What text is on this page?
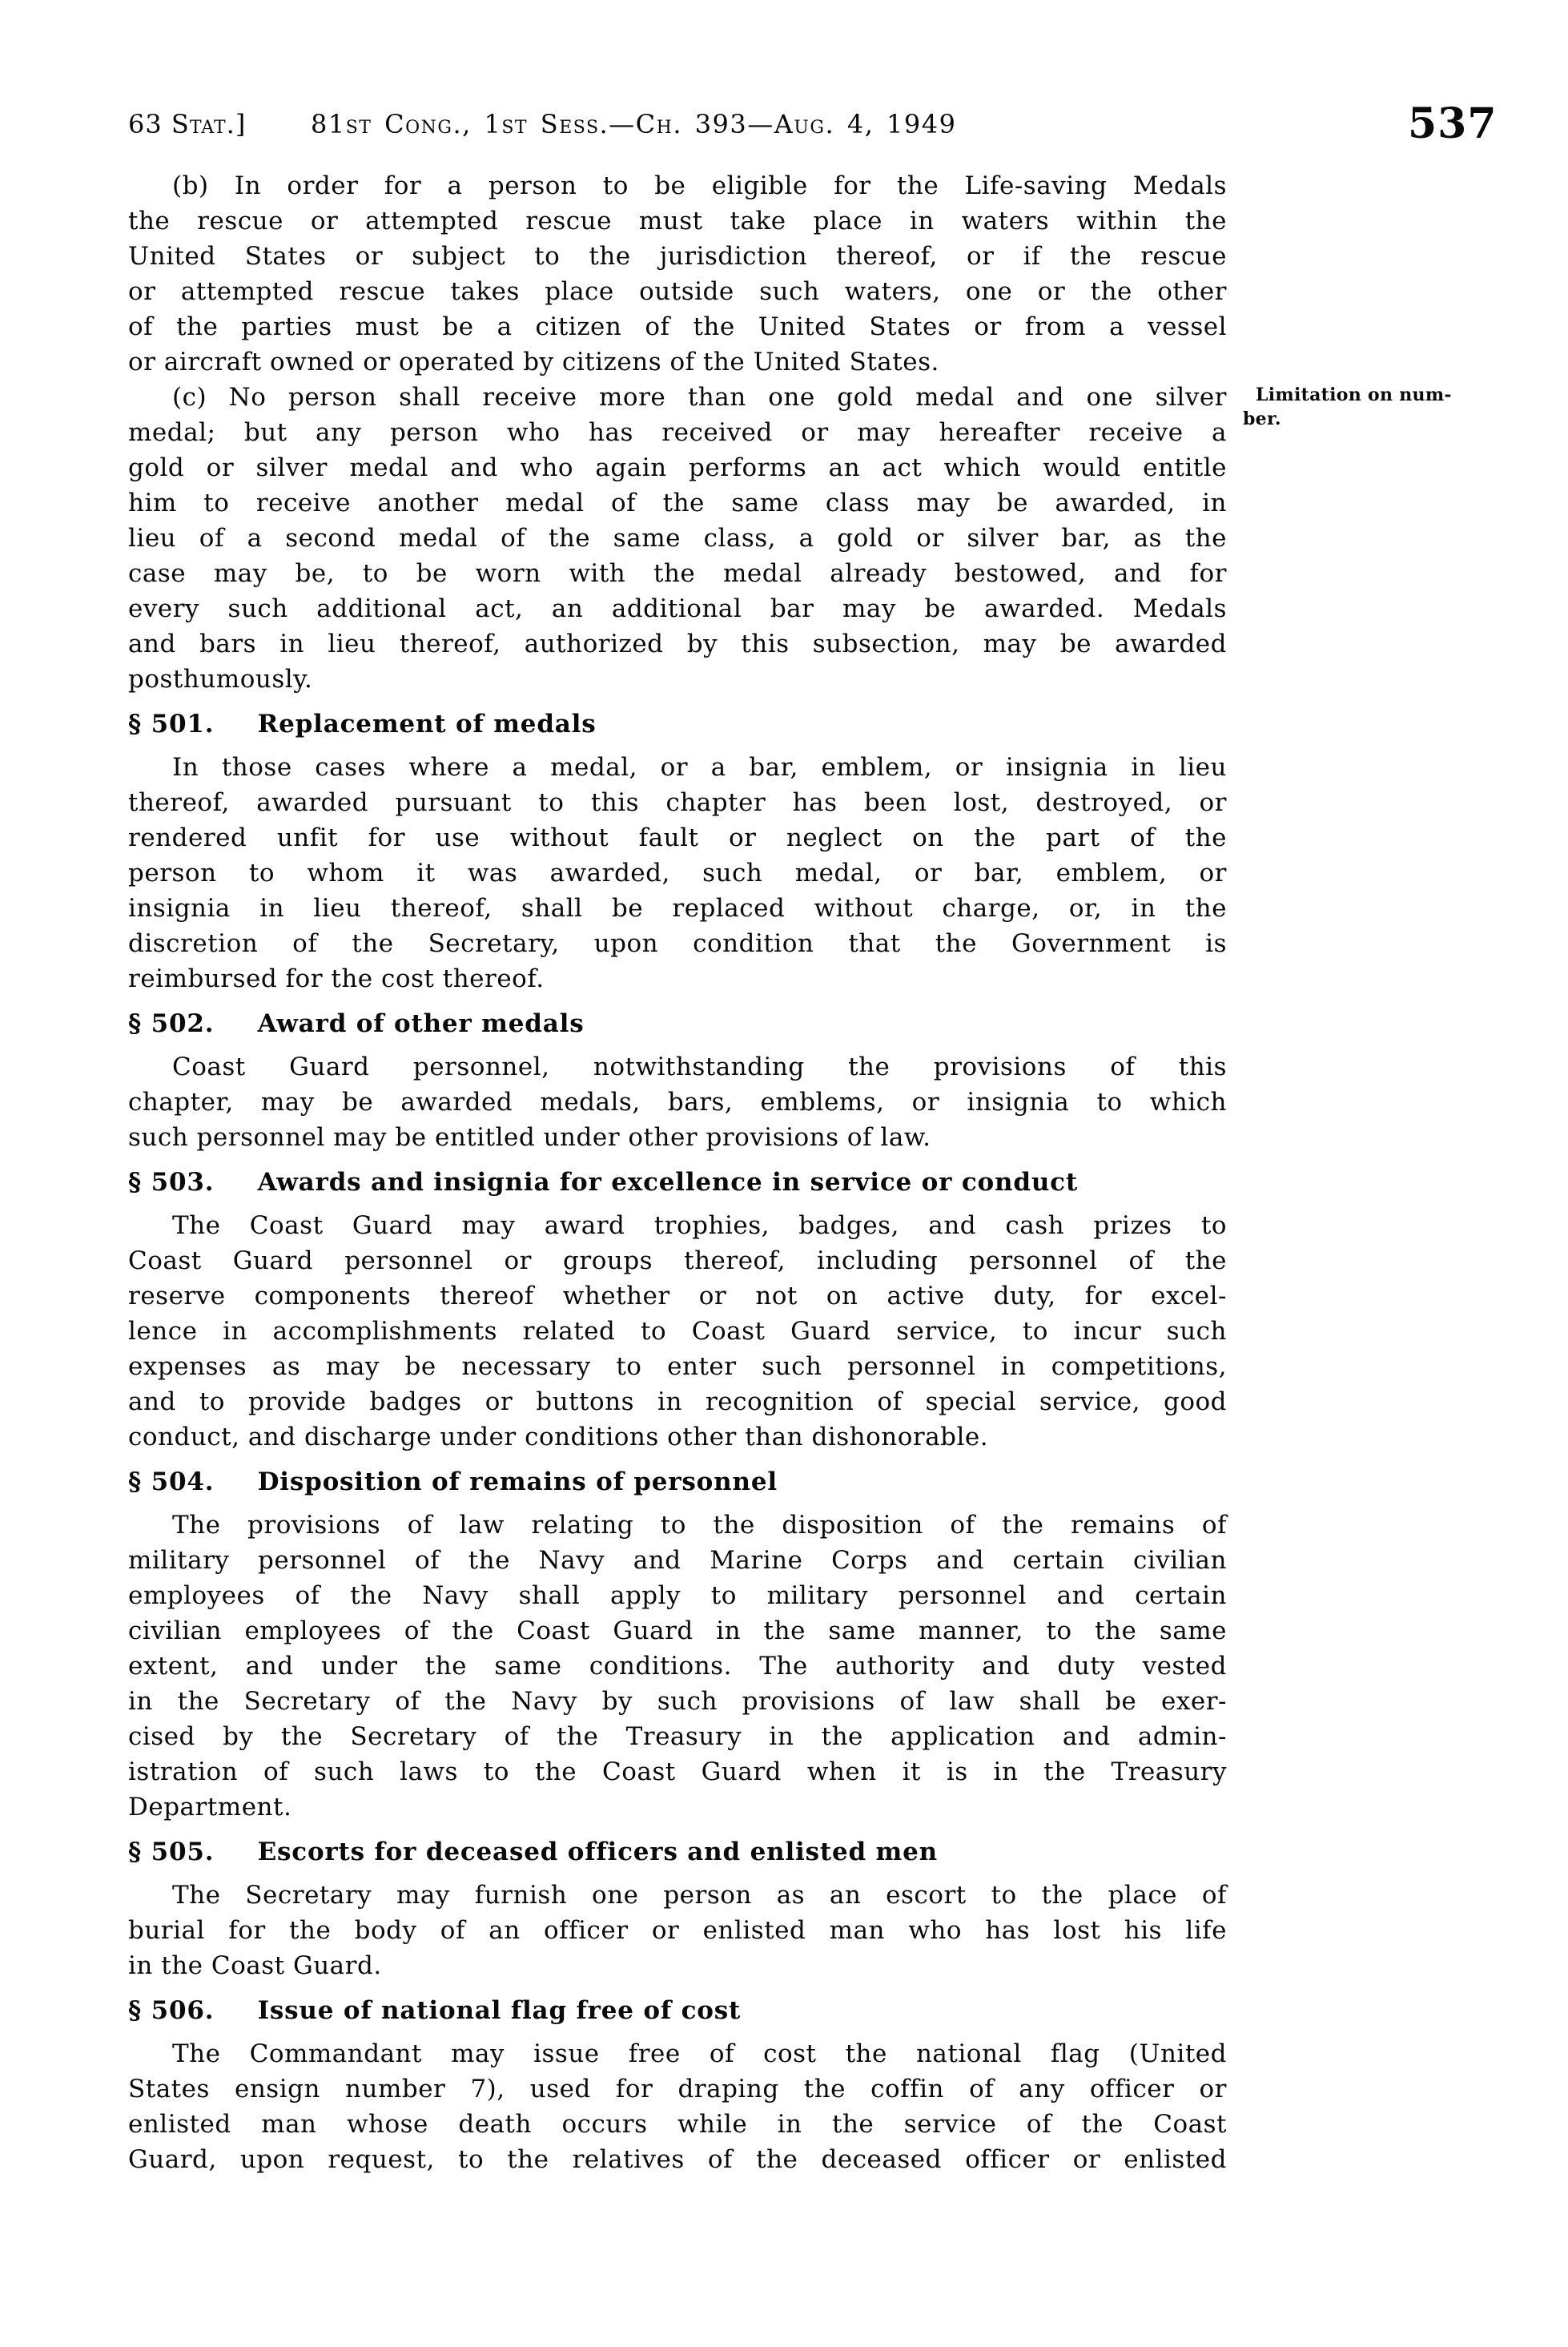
63 Stat.]	81st Cong., 1st Sess.—Ch. 393—Aug. 4, 1949	537
Limitation on num-
ber.
(b) In order for a person to be eligible for the Life-saving Medals
the rescue or attempted rescue must take place in waters within the
United States or subject to the jurisdiction thereof, or if the rescue
or attempted rescue takes place outside such waters, one or the other
of the parties must be a citizen of the United States or from a vessel
or aircraft owned or operated by citizens of the United States.
(c) No person shall receive more than one gold medal and one silver
medal; but any person who has received or may hereafter receive a
gold or silver medal and who again performs an act which would entitle
him to receive another medal of the same class may be awarded, in
lieu of a second medal of the same class, a gold or silver bar, as the
case may be, to be worn with the medal already bestowed, and for
every such additional act, an additional bar may be awarded. Medals
and bars in lieu thereof, authorized by this subsection, may be awarded
posthumously.
§ 501. Replacement of medals
In those cases where a medal, or a bar, emblem, or insignia in lieu
thereof, awarded pursuant to this chapter has been lost, destroyed, or
rendered unfit for use without fault or neglect on the part of the
person to whom it was awarded, such medal, or bar, emblem, or
insignia in lieu thereof, shall be replaced without charge, or, in the
discretion of the Secretary, upon condition that the Government is
reimbursed for the cost thereof.
§ 502. Award of other medals
Coast Guard personnel, notwithstanding the provisions of this
chapter, may be awarded medals, bars, emblems, or insignia to which
such personnel may be entitled under other provisions of law.
§ 503. Awards and insignia for excellence in service or conduct
The Coast Guard may award trophies, badges, and cash prizes to
Coast Guard personnel or groups thereof, including personnel of the
reserve components thereof whether or not on active duty, for excel-
lence in accomplishments related to Coast Guard service, to incur such
expenses as may be necessary to enter such personnel in competitions,
and to provide badges or buttons in recognition of special service, good
conduct, and discharge under conditions other than dishonorable.
§ 504. Disposition of remains of personnel
The provisions of law relating to the disposition of the remains of
military personnel of the Navy and Marine Corps and certain civilian
employees of the Navy shall apply to military personnel and certain
civilian employees of the Coast Guard in the same manner, to the same
extent, and under the same conditions. The authority and duty vested
in the Secretary of the Navy by such provisions of law shall be exer-
cised by the Secretary of the Treasury in the application and admin-
istration of such laws to the Coast Guard when it is in the Treasury
Department.
§ 505. Escorts for deceased officers and enlisted men
The Secretary may furnish one person as an escort to the place of
burial for the body of an officer or enlisted man who has lost his life
in the Coast Guard.
§ 506. Issue of national flag free of cost
The Commandant may issue free of cost the national flag (United
States ensign number 7), used for draping the coffin of any officer or
enlisted man whose death occurs while in the service of the Coast
Guard, upon request, to the relatives of the deceased officer or enlisted
